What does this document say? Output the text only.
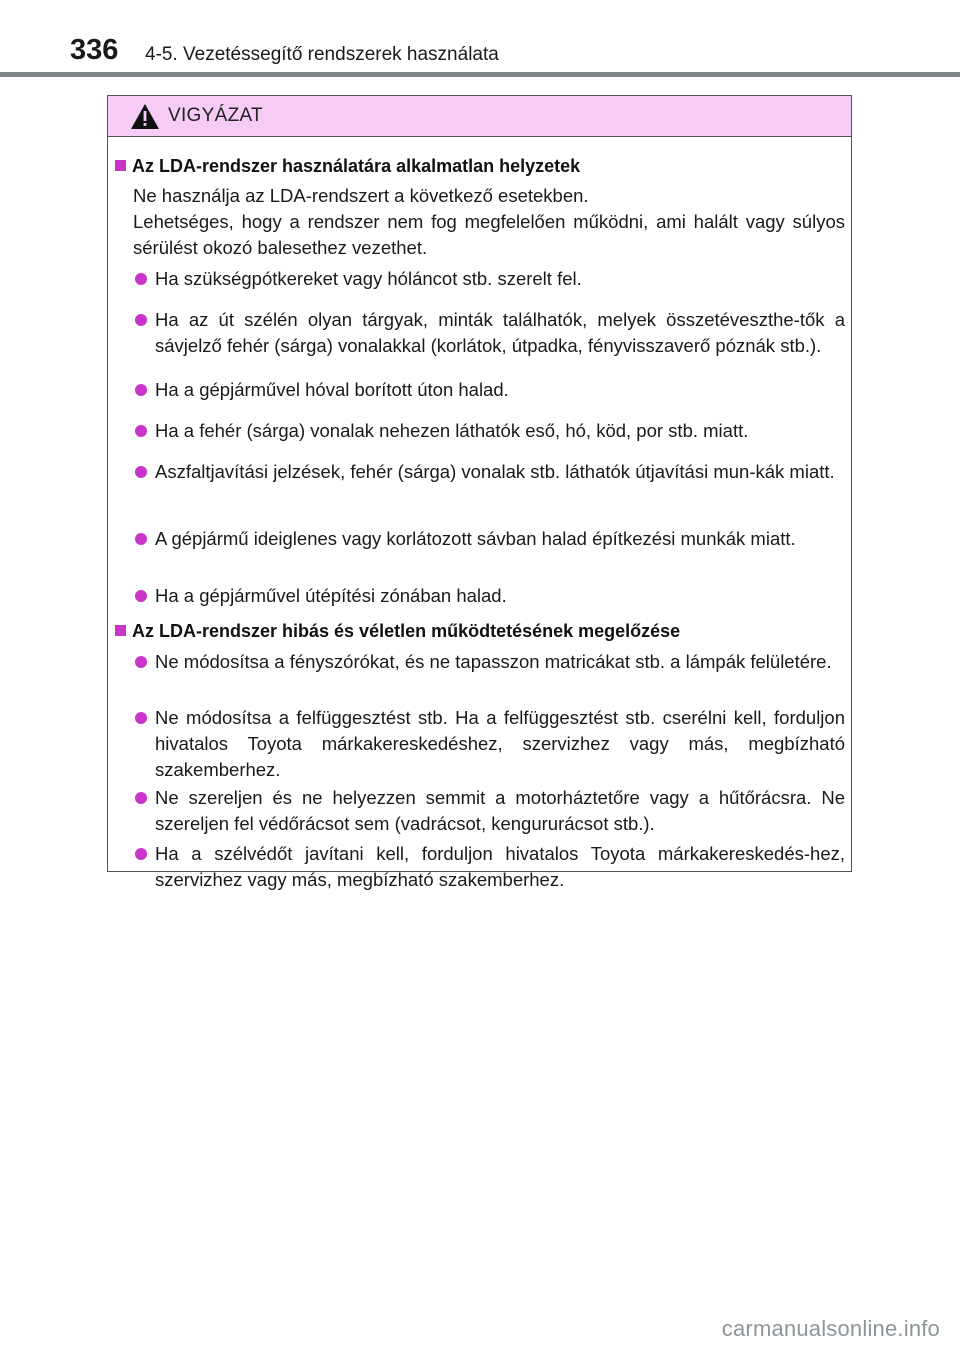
336 4-5. Vezetéssegítő rendszerek használata
VIGYÁZAT
Az LDA-rendszer használatára alkalmatlan helyzetek
Ne használja az LDA-rendszert a következő esetekben.
Lehetséges, hogy a rendszer nem fog megfelelően működni, ami halált vagy súlyos sérülést okozó balesethez vezethet.
Ha szükségpótkereket vagy hóláncot stb. szerelt fel.
Ha az út szélén olyan tárgyak, minták találhatók, melyek összetéveszthe-tők a sávjelző fehér (sárga) vonalakkal (korlátok, útpadka, fényvisszaverő póznák stb.).
Ha a gépjárművel hóval borított úton halad.
Ha a fehér (sárga) vonalak nehezen láthatók eső, hó, köd, por stb. miatt.
Aszfaltjavítási jelzések, fehér (sárga) vonalak stb. láthatók útjavítási mun-kák miatt.
A gépjármű ideiglenes vagy korlátozott sávban halad építkezési munkák miatt.
Ha a gépjárművel útépítési zónában halad.
Az LDA-rendszer hibás és véletlen működtetésének megelőzése
Ne módosítsa a fényszórókat, és ne tapasszon matricákat stb. a lámpák felületére.
Ne módosítsa a felfüggesztést stb. Ha a felfüggesztést stb. cserélni kell, forduljon hivatalos Toyota márkakereskedéshez, szervizhez vagy más, megbízható szakemberhez.
Ne szereljen és ne helyezzen semmit a motorháztetőre vagy a hűtőrácsra. Ne szereljen fel védőrácsot sem (vadrácsot, kengururácsot stb.).
Ha a szélvédőt javítani kell, forduljon hivatalos Toyota márkakereskedés-hez, szervizhez vagy más, megbízható szakemberhez.
carmanualsonline.info
